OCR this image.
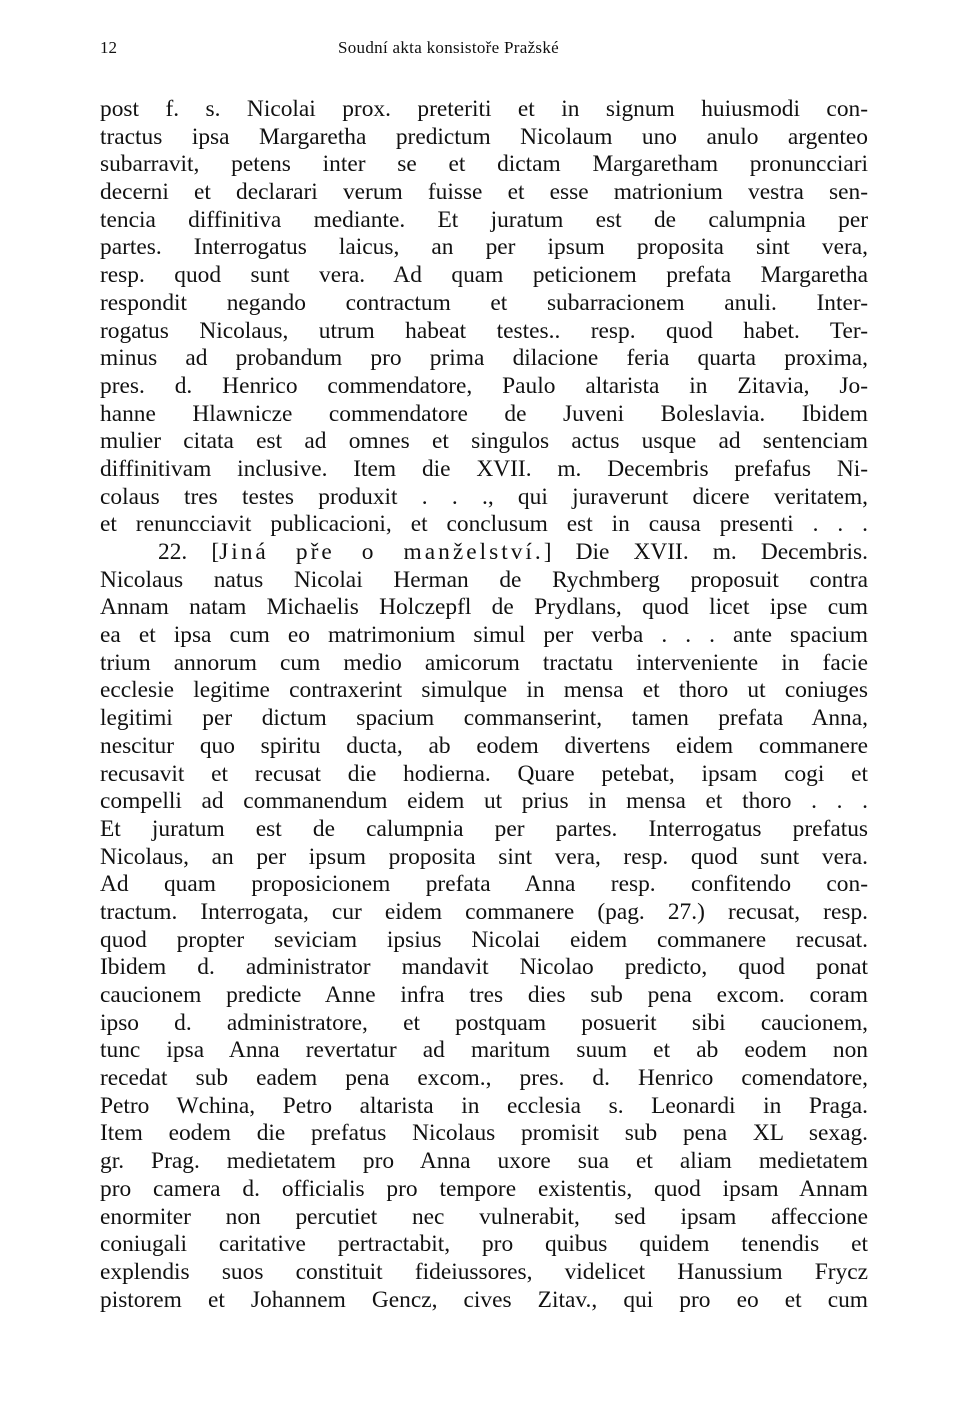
12	Soudní akta konsistoře Pražské
post f. s. Nicolai prox. preteriti et in signum huiusmodi con-
tractus ipsa Margaretha predictum Nicolaum uno anulo argenteo
subarravit, petens inter se et dictam Margaretham pronuncciari
decerni et declarari verum fuisse et esse matrionium vestra sen-
tencia diffinitiva mediante. Et juratum est de calumpnia per
partes. Interrogatus laicus, an per ipsum proposita sint vera,
resp. quod sunt vera. Ad quam peticionem prefata Margaretha
respondit negando contractum et subarracionem anuli. Inter-
rogatus Nicolaus, utrum habeat testes.. resp. quod habet. Ter-
minus ad probandum pro prima dilacione feria quarta proxima,
pres. d. Henrico commendatore, Paulo altarista in Zitavia, Jo-
hanne Hlawnicze commendatore de Juveni Boleslavia. Ibidem
mulier citata est ad omnes et singulos actus usque ad sentenciam
diffinitivam inclusive. Item die XVII. m. Decembris prefafus Ni-
colaus tres testes produxit . . ., qui juraverunt dicere veritatem,
et renuncciavit publicacioni, et conclusum est in causa presenti . . .
22. [Jiná pře o manželství.] Die XVII. m. Decembris.
Nicolaus natus Nicolai Herman de Rychmberg proposuit contra
Annam natam Michaelis Holczepfl de Prydlans, quod licet ipse cum
ea et ipsa cum eo matrimonium simul per verba . . . ante spacium
trium annorum cum medio amicorum tractatu interveniente in facie
ecclesie legitime contraxerint simulque in mensa et thoro ut coniuges
legitimi per dictum spacium commanserint, tamen prefata Anna,
nescitur quo spiritu ducta, ab eodem divertens eidem commanere
recusavit et recusat die hodierna. Quare petebat, ipsam cogi et
compelli ad commanendum eidem ut prius in mensa et thoro . . .
Et juratum est de calumpnia per partes. Interrogatus prefatus
Nicolaus, an per ipsum proposita sint vera, resp. quod sunt vera.
Ad quam proposicionem prefata Anna resp. confitendo con-
tractum. Interrogata, cur eidem commanere (pag. 27.) recusat, resp.
quod propter seviciam ipsius Nicolai eidem commanere recusat.
Ibidem d. administrator mandavit Nicolao predicto, quod ponat
caucionem predicte Anne infra tres dies sub pena excom. coram
ipso d. administratore, et postquam posuerit sibi caucionem,
tunc ipsa Anna revertatur ad maritum suum et ab eodem non
recedat sub eadem pena excom., pres. d. Henrico comendatore,
Petro Wchina, Petro altarista in ecclesia s. Leonardi in Praga.
Item eodem die prefatus Nicolaus promisit sub pena XL sexag.
gr. Prag. medietatem pro Anna uxore sua et aliam medietatem
pro camera d. officialis pro tempore existentis, quod ipsam Annam
enormiter non percutiet nec vulnerabit, sed ipsam affeccione
coniugali caritative pertractabit, pro quibus quidem tenendis et
explendis suos constituit fideiussores, videlicet Hanussium Frycz
pistorem et Johannem Gencz, cives Zitav., qui pro eo et cum
